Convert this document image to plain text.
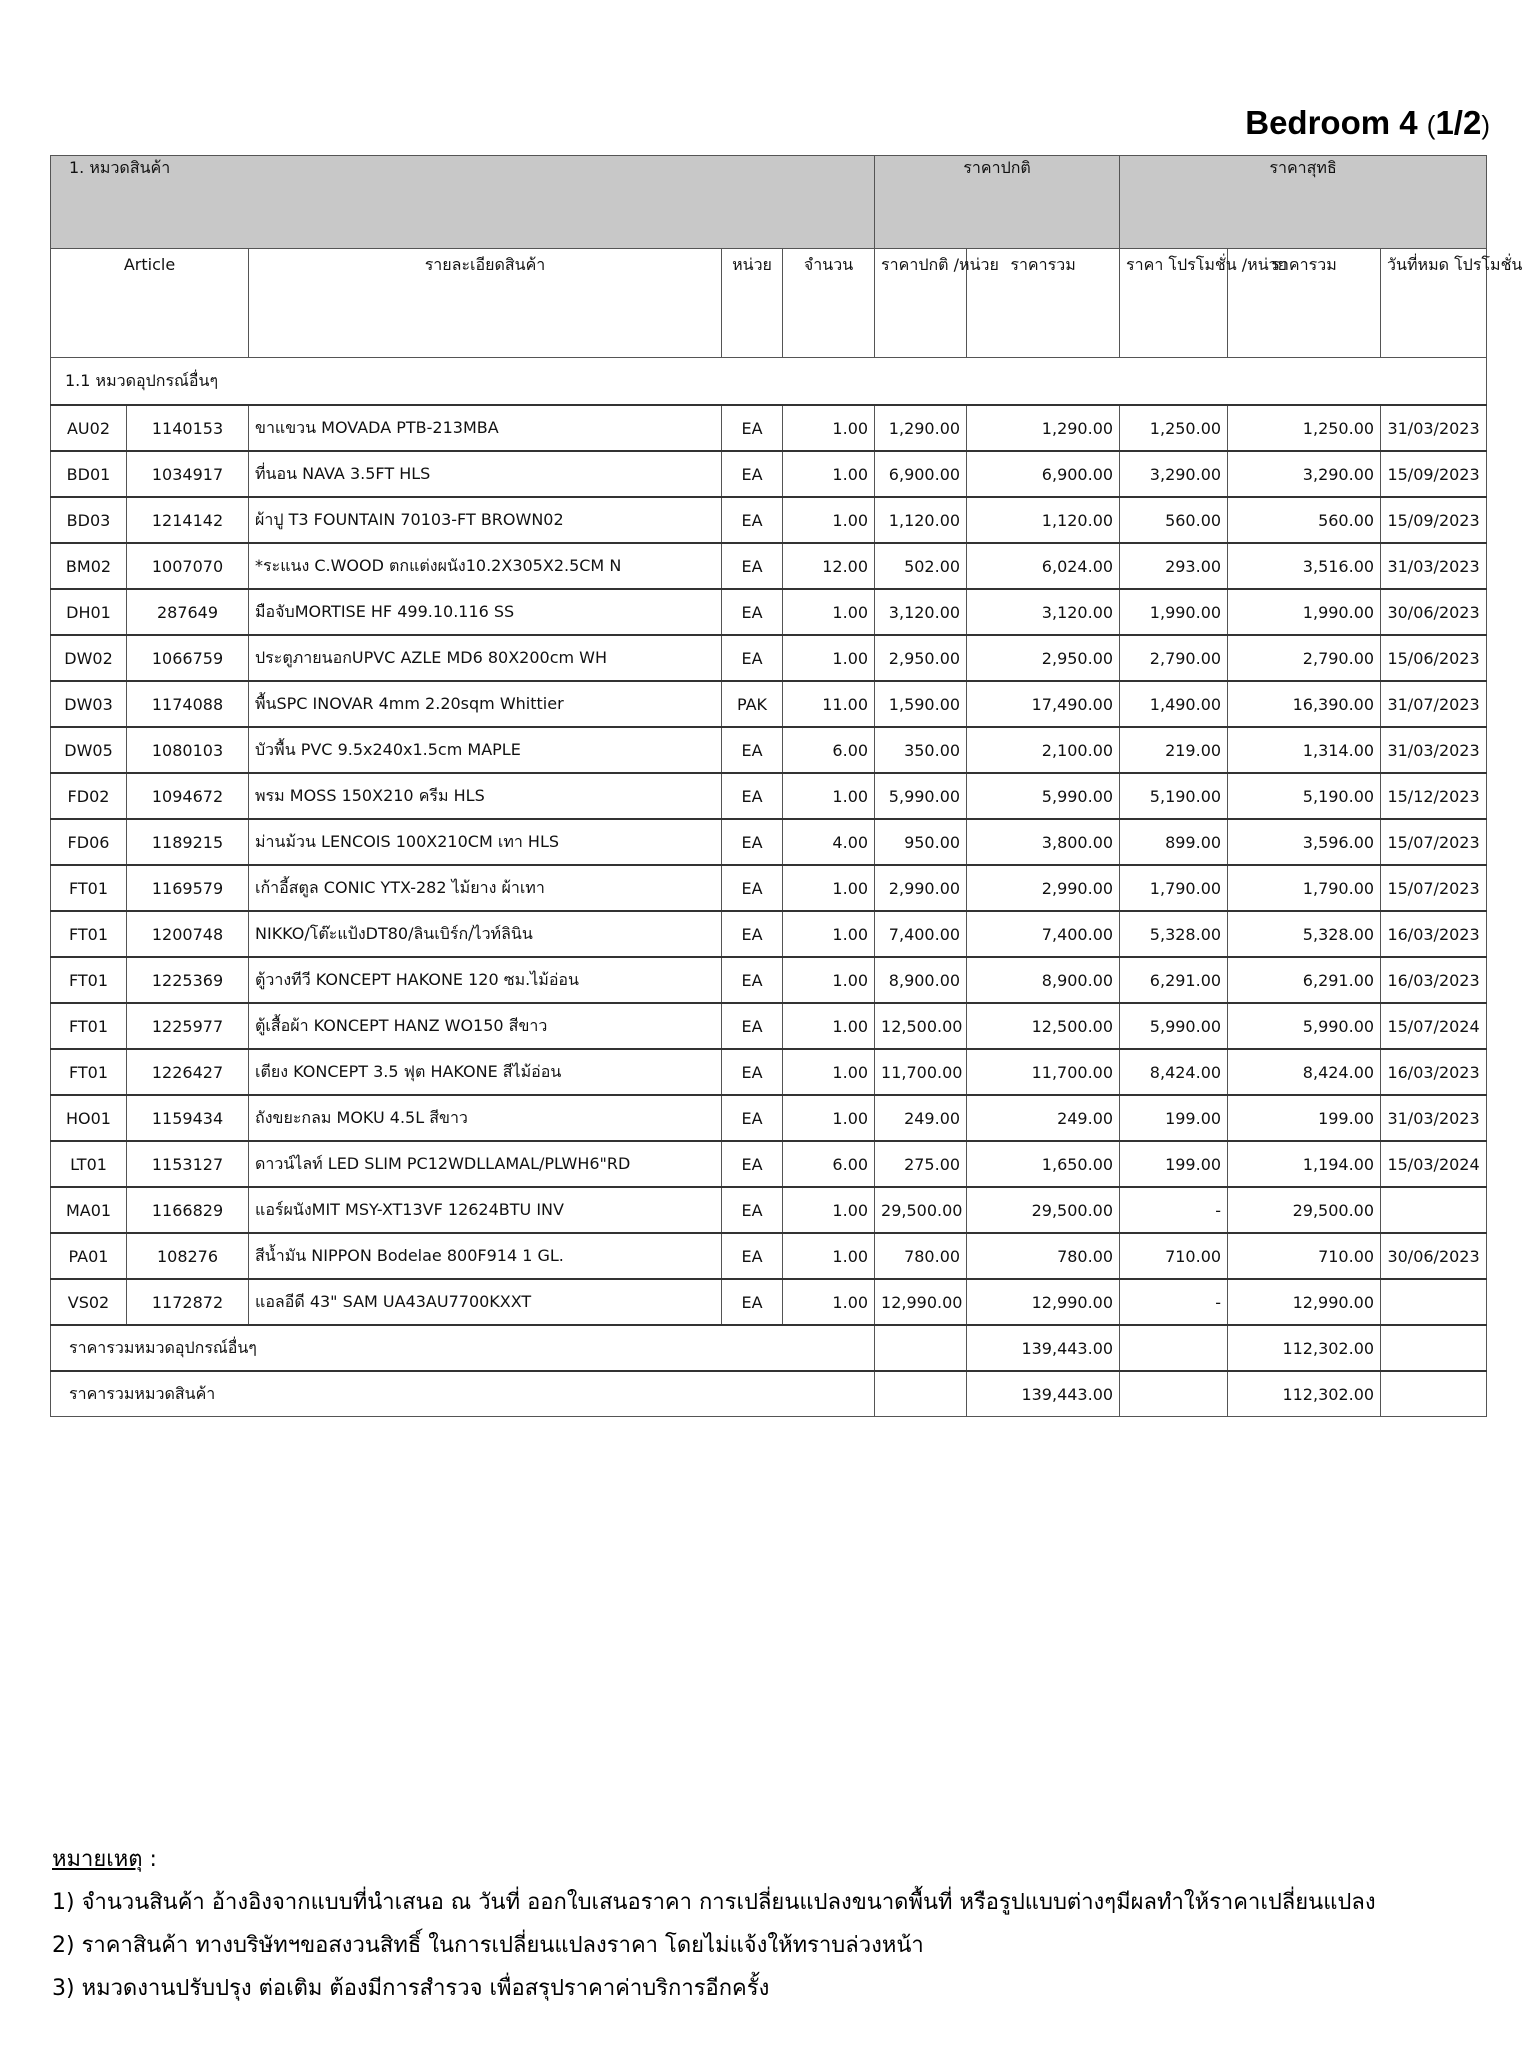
Bedroom 4 (1/2)
1. หมวดสินค้า					ราคาปกติ		ราคาสุทธิ		
Article		รายละเอียดสินค้า	หน่วย	จำนวน	ราคาปกติ /หน่วย	ราคารวม	ราคา โปรโมชั่น /หน่วย	ราคารวม	วันที่หมด โปรโมชั่น
1.1 หมวดอุปกรณ์อื่นๆ									
AU02	1140153	ขาแขวน MOVADA PTB-213MBA	EA	1.00	1,290.00	1,290.00	1,250.00	1,250.00	31/03/2023
BD01	1034917	ที่นอน NAVA 3.5FT HLS	EA	1.00	6,900.00	6,900.00	3,290.00	3,290.00	15/09/2023
BD03	1214142	ผ้าปู T3 FOUNTAIN 70103-FT BROWN02	EA	1.00	1,120.00	1,120.00	560.00	560.00	15/09/2023
BM02	1007070	*ระแนง C.WOOD ตกแต่งผนัง10.2X305X2.5CM N	EA	12.00	502.00	6,024.00	293.00	3,516.00	31/03/2023
DH01	287649	มือจับMORTISE HF 499.10.116 SS	EA	1.00	3,120.00	3,120.00	1,990.00	1,990.00	30/06/2023
DW02	1066759	ประตูภายนอกUPVC AZLE MD6 80X200cm WH	EA	1.00	2,950.00	2,950.00	2,790.00	2,790.00	15/06/2023
DW03	1174088	พื้นSPC INOVAR 4mm 2.20sqm Whittier	PAK	11.00	1,590.00	17,490.00	1,490.00	16,390.00	31/07/2023
DW05	1080103	บัวพื้น PVC 9.5x240x1.5cm MAPLE	EA	6.00	350.00	2,100.00	219.00	1,314.00	31/03/2023
FD02	1094672	พรม MOSS 150X210 ครีม HLS	EA	1.00	5,990.00	5,990.00	5,190.00	5,190.00	15/12/2023
FD06	1189215	ม่านม้วน LENCOIS 100X210CM เทา HLS	EA	4.00	950.00	3,800.00	899.00	3,596.00	15/07/2023
FT01	1169579	เก้าอี้สตูล CONIC YTX-282 ไม้ยาง ผ้าเทา	EA	1.00	2,990.00	2,990.00	1,790.00	1,790.00	15/07/2023
FT01	1200748	NIKKO/โต๊ะแป้งDT80/ลินเบิร์ก/ไวท์ลินิน	EA	1.00	7,400.00	7,400.00	5,328.00	5,328.00	16/03/2023
FT01	1225369	ตู้วางทีวี KONCEPT HAKONE 120 ซม.ไม้อ่อน	EA	1.00	8,900.00	8,900.00	6,291.00	6,291.00	16/03/2023
FT01	1225977	ตู้เสื้อผ้า KONCEPT HANZ WO150 สีขาว	EA	1.00	12,500.00	12,500.00	5,990.00	5,990.00	15/07/2024
FT01	1226427	เตียง KONCEPT 3.5 ฟุต HAKONE สีไม้อ่อน	EA	1.00	11,700.00	11,700.00	8,424.00	8,424.00	16/03/2023
HO01	1159434	ถังขยะกลม MOKU 4.5L สีขาว	EA	1.00	249.00	249.00	199.00	199.00	31/03/2023
LT01	1153127	ดาวน์ไลท์ LED SLIM PC12WDLLAMAL/PLWH6"RD	EA	6.00	275.00	1,650.00	199.00	1,194.00	15/03/2024
MA01	1166829	แอร์ผนังMIT MSY-XT13VF 12624BTU INV	EA	1.00	29,500.00	29,500.00	-	29,500.00	
PA01	108276	สีน้ำมัน NIPPON Bodelae 800F914 1 GL.	EA	1.00	780.00	780.00	710.00	710.00	30/06/2023
VS02	1172872	แอลอีดี 43" SAM UA43AU7700KXXT	EA	1.00	12,990.00	12,990.00	-	12,990.00	
ราคารวมหมวดอุปกรณ์อื่นๆ						139,443.00		112,302.00	
ราคารวมหมวดสินค้า						139,443.00		112,302.00	
หมายเหตุ :
1) จำนวนสินค้า อ้างอิงจากแบบที่นำเสนอ ณ วันที่ ออกใบเสนอราคา การเปลี่ยนแปลงขนาดพื้นที่ หรือรูปแบบต่างๆมีผลทำให้ราคาเปลี่ยนแปลง
2) ราคาสินค้า ทางบริษัทฯขอสงวนสิทธิ์ ในการเปลี่ยนแปลงราคา โดยไม่แจ้งให้ทราบล่วงหน้า
3) หมวดงานปรับปรุง ต่อเติม ต้องมีการสำรวจ เพื่อสรุปราคาค่าบริการอีกครั้ง
